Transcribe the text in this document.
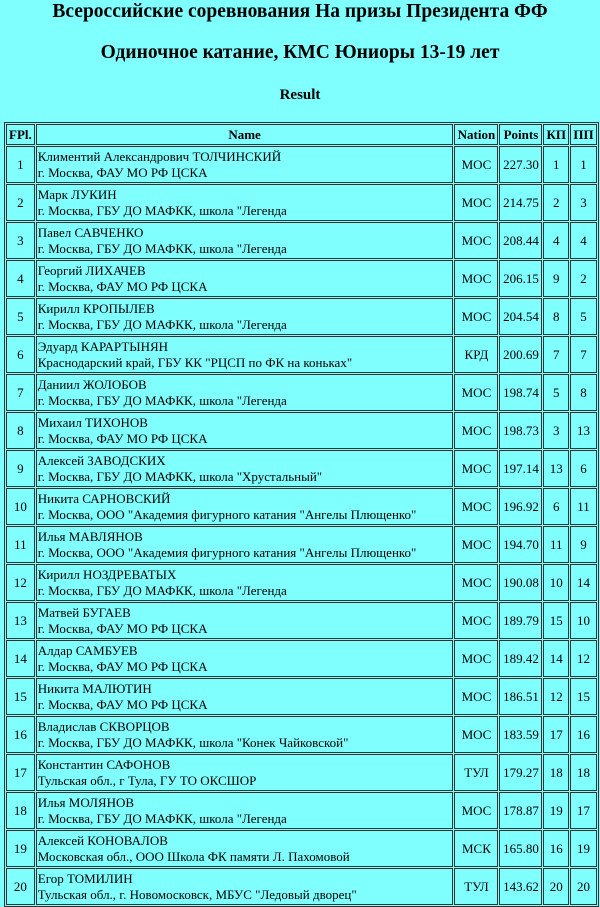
Всероссийские соревнования На призы Президента ФФ
Одиночное катание, КМС Юниоры 13-19 лет
Result
FPl.	Name	Nation	Points	КП	ПП
1	Климентий Александрович ТОЛЧИНСКИЙ
г. Москва, ФАУ МО РФ ЦСКА	МОС	227.30	1	1
2	Марк ЛУКИН
г. Москва, ГБУ ДО МАФКК, школа "Легенда	МОС	214.75	2	3
3	Павел САВЧЕНКО
г. Москва, ГБУ ДО МАФКК, школа "Легенда	МОС	208.44	4	4
4	Георгий ЛИХАЧЕВ
г. Москва, ФАУ МО РФ ЦСКА	МОС	206.15	9	2
5	Кирилл КРОПЫЛЕВ
г. Москва, ГБУ ДО МАФКК, школа "Легенда	МОС	204.54	8	5
6	Эдуард КАРАРТЫНЯН
Краснодарский край, ГБУ КК "РЦСП по ФК на коньках"	КРД	200.69	7	7
7	Даниил ЖОЛОБОВ
г. Москва, ГБУ ДО МАФКК, школа "Легенда	МОС	198.74	5	8
8	Михаил ТИХОНОВ
г. Москва, ФАУ МО РФ ЦСКА	МОС	198.73	3	13
9	Алексей ЗАВОДСКИХ
г. Москва, ГБУ ДО МАФКК, школа "Хрустальный"	МОС	197.14	13	6
10	Никита САРНОВСКИЙ
г. Москва, ООО "Академия фигурного катания "Ангелы Плющенко"	МОС	196.92	6	11
11	Илья МАВЛЯНОВ
г. Москва, ООО "Академия фигурного катания "Ангелы Плющенко"	МОС	194.70	11	9
12	Кирилл НОЗДРЕВАТЫХ
г. Москва, ГБУ ДО МАФКК, школа "Легенда	МОС	190.08	10	14
13	Матвей БУГАЕВ
г. Москва, ФАУ МО РФ ЦСКА	МОС	189.79	15	10
14	Алдар САМБУЕВ
г. Москва, ФАУ МО РФ ЦСКА	МОС	189.42	14	12
15	Никита МАЛЮТИН
г. Москва, ФАУ МО РФ ЦСКА	МОС	186.51	12	15
16	Владислав СКВОРЦОВ
г. Москва, ГБУ ДО МАФКК, школа "Конек Чайковской"	МОС	183.59	17	16
17	Константин САФОНОВ
Тульская обл., г Тула, ГУ ТО ОКСШОР	ТУЛ	179.27	18	18
18	Илья МОЛЯНОВ
г. Москва, ГБУ ДО МАФКК, школа "Легенда	МОС	178.87	19	17
19	Алексей КОНОВАЛОВ
Московская обл., ООО Школа ФК памяти Л. Пахомовой	МСК	165.80	16	19
20	Егор ТОМИЛИН
Тульская обл., г. Новомосковск, МБУС "Ледовый дворец"	ТУЛ	143.62	20	20
